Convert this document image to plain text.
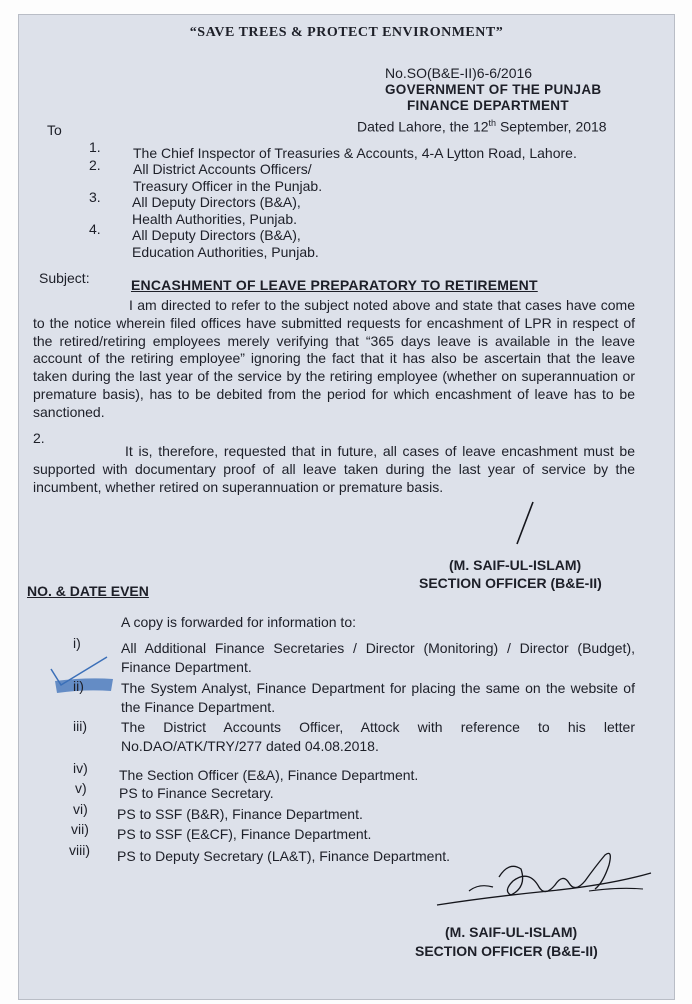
“SAVE TREES & PROTECT ENVIRONMENT”
No.SO(B&E-II)6-6/2016
GOVERNMENT OF THE PUNJAB
FINANCE DEPARTMENT
Dated Lahore, the 12th September, 2018
To
1. The Chief Inspector of Treasuries & Accounts, 4-A Lytton Road, Lahore.
2. All District Accounts Officers/
Treasury Officer in the Punjab.
3. All Deputy Directors (B&A),
Health Authorities, Punjab.
4. All Deputy Directors (B&A),
Education Authorities, Punjab.
Subject:	ENCASHMENT OF LEAVE PREPARATORY TO RETIREMENT
I am directed to refer to the subject noted above and state that cases have come to the notice wherein filed offices have submitted requests for encashment of LPR in respect of the retired/retiring employees merely verifying that “365 days leave is available in the leave account of the retiring employee” ignoring the fact that it has also be ascertain that the leave taken during the last year of the service by the retiring employee (whether on superannuation or premature basis), has to be debited from the period for which encashment of leave has to be sanctioned.
2.
It is, therefore, requested that in future, all cases of leave encashment must be supported with documentary proof of all leave taken during the last year of service by the incumbent, whether retired on superannuation or premature basis.
(M. SAIF-UL-ISLAM)
SECTION OFFICER (B&E-II)
NO. & DATE EVEN
A copy is forwarded for information to:
i)	All Additional Finance Secretaries / Director (Monitoring) / Director (Budget), Finance Department.
ii)	The System Analyst, Finance Department for placing the same on the website of the Finance Department.
iii) The District Accounts Officer, Attock with reference to his letter No.DAO/ATK/TRY/277 dated 04.08.2018.
iv) The Section Officer (E&A), Finance Department.
v) PS to Finance Secretary.
vi) PS to SSF (B&R), Finance Department.
vii) PS to SSF (E&CF), Finance Department.
viii) PS to Deputy Secretary (LA&T), Finance Department.
(M. SAIF-UL-ISLAM)
SECTION OFFICER (B&E-II)
